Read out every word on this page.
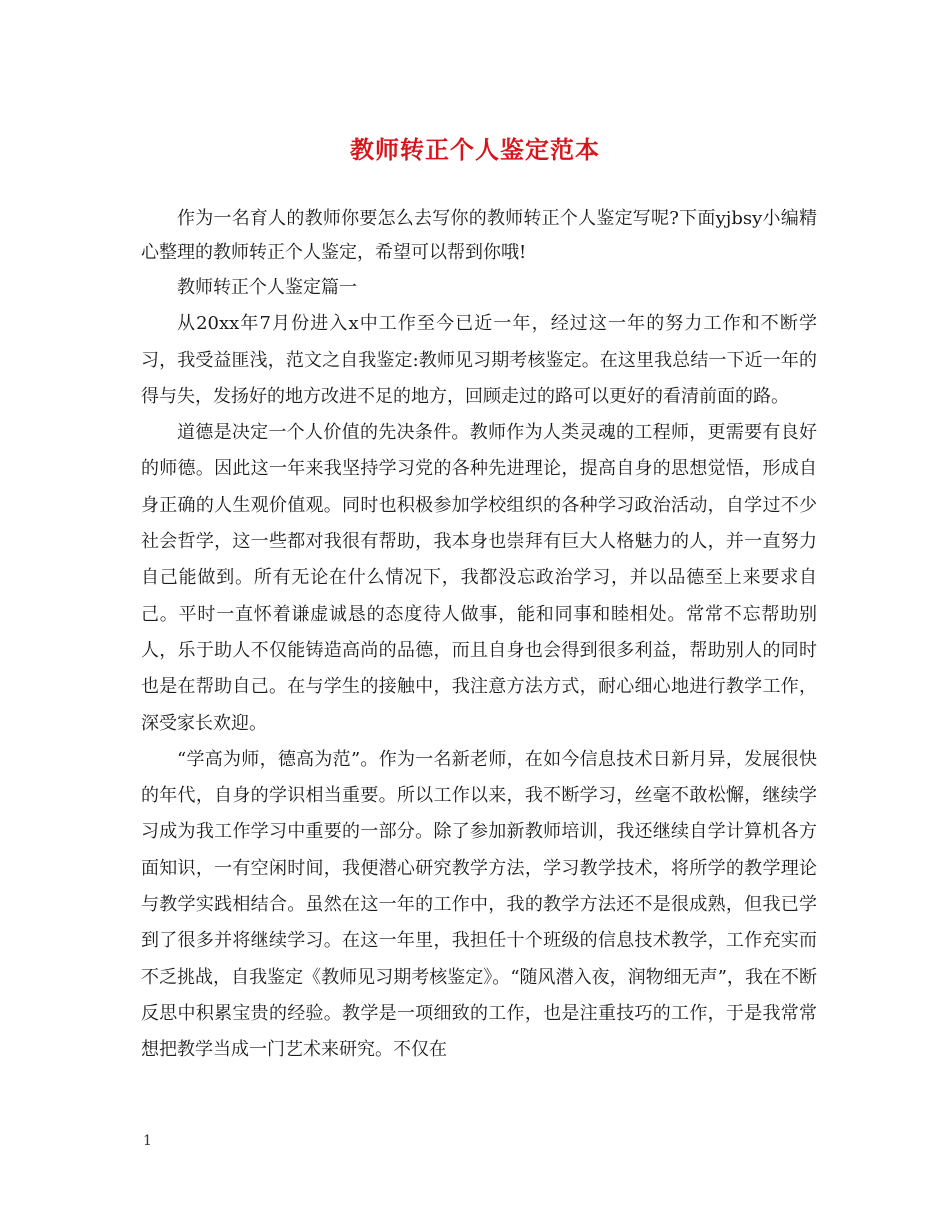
教师转正个人鉴定范本

作为一名育人的教师你要怎么去写你的教师转正个人鉴定写呢?下面yjbsy小编精心整理的教师转正个人鉴定，希望可以帮到你哦!

教师转正个人鉴定篇一

从20xx年7月份进入x中工作至今已近一年，经过这一年的努力工作和不断学习，我受益匪浅，范文之自我鉴定:教师见习期考核鉴定。在这里我总结一下近一年的得与失，发扬好的地方改进不足的地方，回顾走过的路可以更好的看清前面的路。

道德是决定一个人价值的先决条件。教师作为人类灵魂的工程师，更需要有良好的师德。因此这一年来我坚持学习党的各种先进理论，提高自身的思想觉悟，形成自身正确的人生观价值观。同时也积极参加学校组织的各种学习政治活动，自学过不少社会哲学，这一些都对我很有帮助，我本身也崇拜有巨大人格魅力的人，并一直努力自己能做到。所有无论在什么情况下，我都没忘政治学习，并以品德至上来要求自己。平时一直怀着谦虚诚恳的态度待人做事，能和同事和睦相处。常常不忘帮助别人，乐于助人不仅能铸造高尚的品德，而且自身也会得到很多利益，帮助别人的同时也是在帮助自己。在与学生的接触中，我注意方法方式，耐心细心地进行教学工作，深受家长欢迎。

“学高为师，德高为范”。作为一名新老师，在如今信息技术日新月异，发展很快的年代，自身的学识相当重要。所以工作以来，我不断学习，丝毫不敢松懈，继续学习成为我工作学习中重要的一部分。除了参加新教师培训，我还继续自学计算机各方面知识，一有空闲时间，我便潜心研究教学方法，学习教学技术，将所学的教学理论与教学实践相结合。虽然在这一年的工作中，我的教学方法还不是很成熟，但我已学到了很多并将继续学习。在这一年里，我担任十个班级的信息技术教学，工作充实而不乏挑战，自我鉴定《教师见习期考核鉴定》。“随风潜入夜，润物细无声”，我在不断反思中积累宝贵的经验。教学是一项细致的工作，也是注重技巧的工作，于是我常常想把教学当成一门艺术来研究。不仅在

1
